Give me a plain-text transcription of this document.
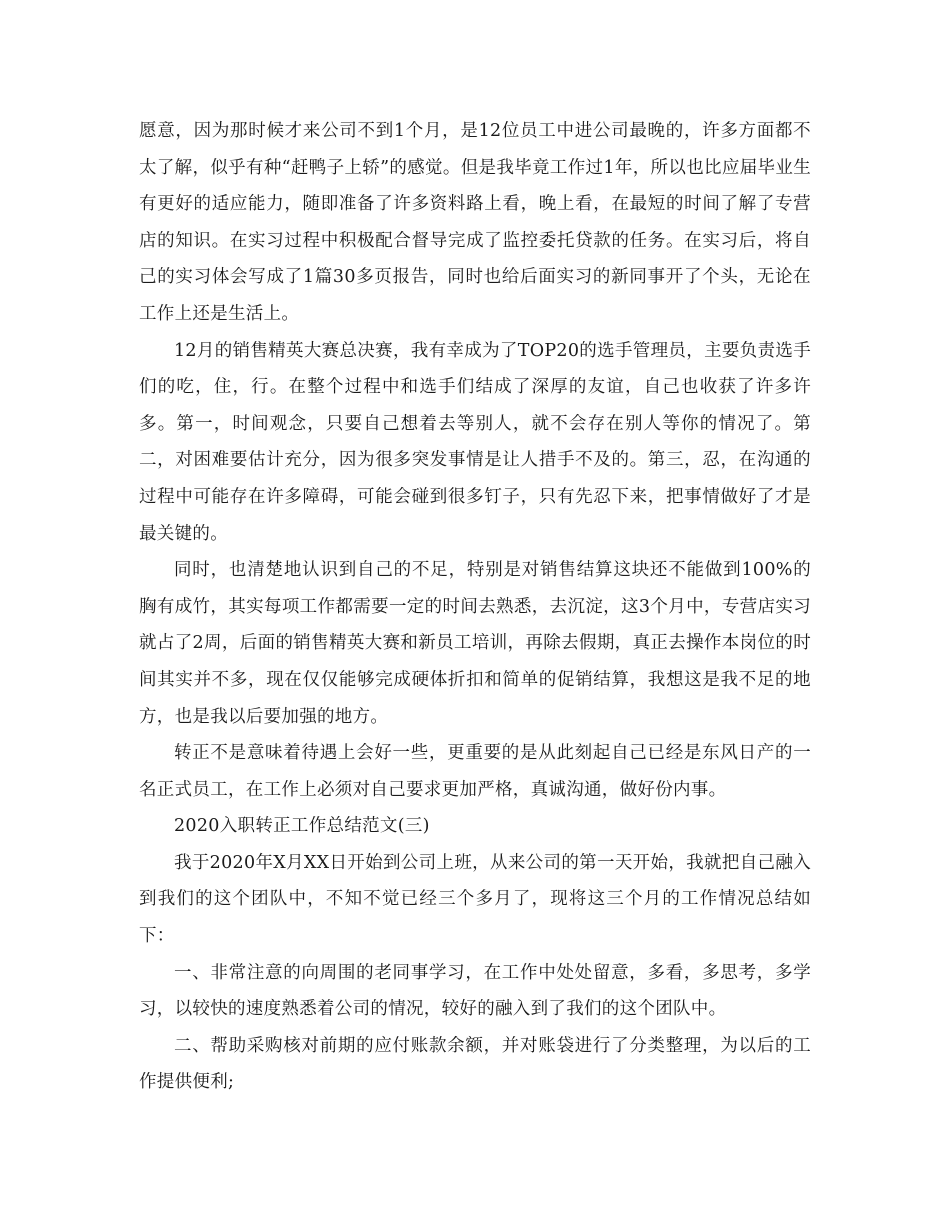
愿意，因为那时候才来公司不到1个月，是12位员工中进公司最晚的，许多方面都不太了解，似乎有种“赶鸭子上轿”的感觉。但是我毕竟工作过1年，所以也比应届毕业生有更好的适应能力，随即准备了许多资料路上看，晚上看，在最短的时间了解了专营店的知识。在实习过程中积极配合督导完成了监控委托贷款的任务。在实习后，将自己的实习体会写成了1篇30多页报告，同时也给后面实习的新同事开了个头，无论在工作上还是生活上。

12月的销售精英大赛总决赛，我有幸成为了TOP20的选手管理员，主要负责选手们的吃，住，行。在整个过程中和选手们结成了深厚的友谊，自己也收获了许多许多。第一，时间观念，只要自己想着去等别人，就不会存在别人等你的情况了。第二，对困难要估计充分，因为很多突发事情是让人措手不及的。第三，忍，在沟通的过程中可能存在许多障碍，可能会碰到很多钉子，只有先忍下来，把事情做好了才是最关键的。

同时，也清楚地认识到自己的不足，特别是对销售结算这块还不能做到100%的胸有成竹，其实每项工作都需要一定的时间去熟悉，去沉淀，这3个月中，专营店实习就占了2周，后面的销售精英大赛和新员工培训，再除去假期，真正去操作本岗位的时间其实并不多，现在仅仅能够完成硬体折扣和简单的促销结算，我想这是我不足的地方，也是我以后要加强的地方。

转正不是意味着待遇上会好一些，更重要的是从此刻起自己已经是东风日产的一名正式员工，在工作上必须对自己要求更加严格，真诚沟通，做好份内事。

2020入职转正工作总结范文(三)

我于2020年X月XX日开始到公司上班，从来公司的第一天开始，我就把自己融入到我们的这个团队中，不知不觉已经三个多月了，现将这三个月的工作情况总结如下：

一、非常注意的向周围的老同事学习，在工作中处处留意，多看，多思考，多学习，以较快的速度熟悉着公司的情况，较好的融入到了我们的这个团队中。

二、帮助采购核对前期的应付账款余额，并对账袋进行了分类整理，为以后的工作提供便利;
